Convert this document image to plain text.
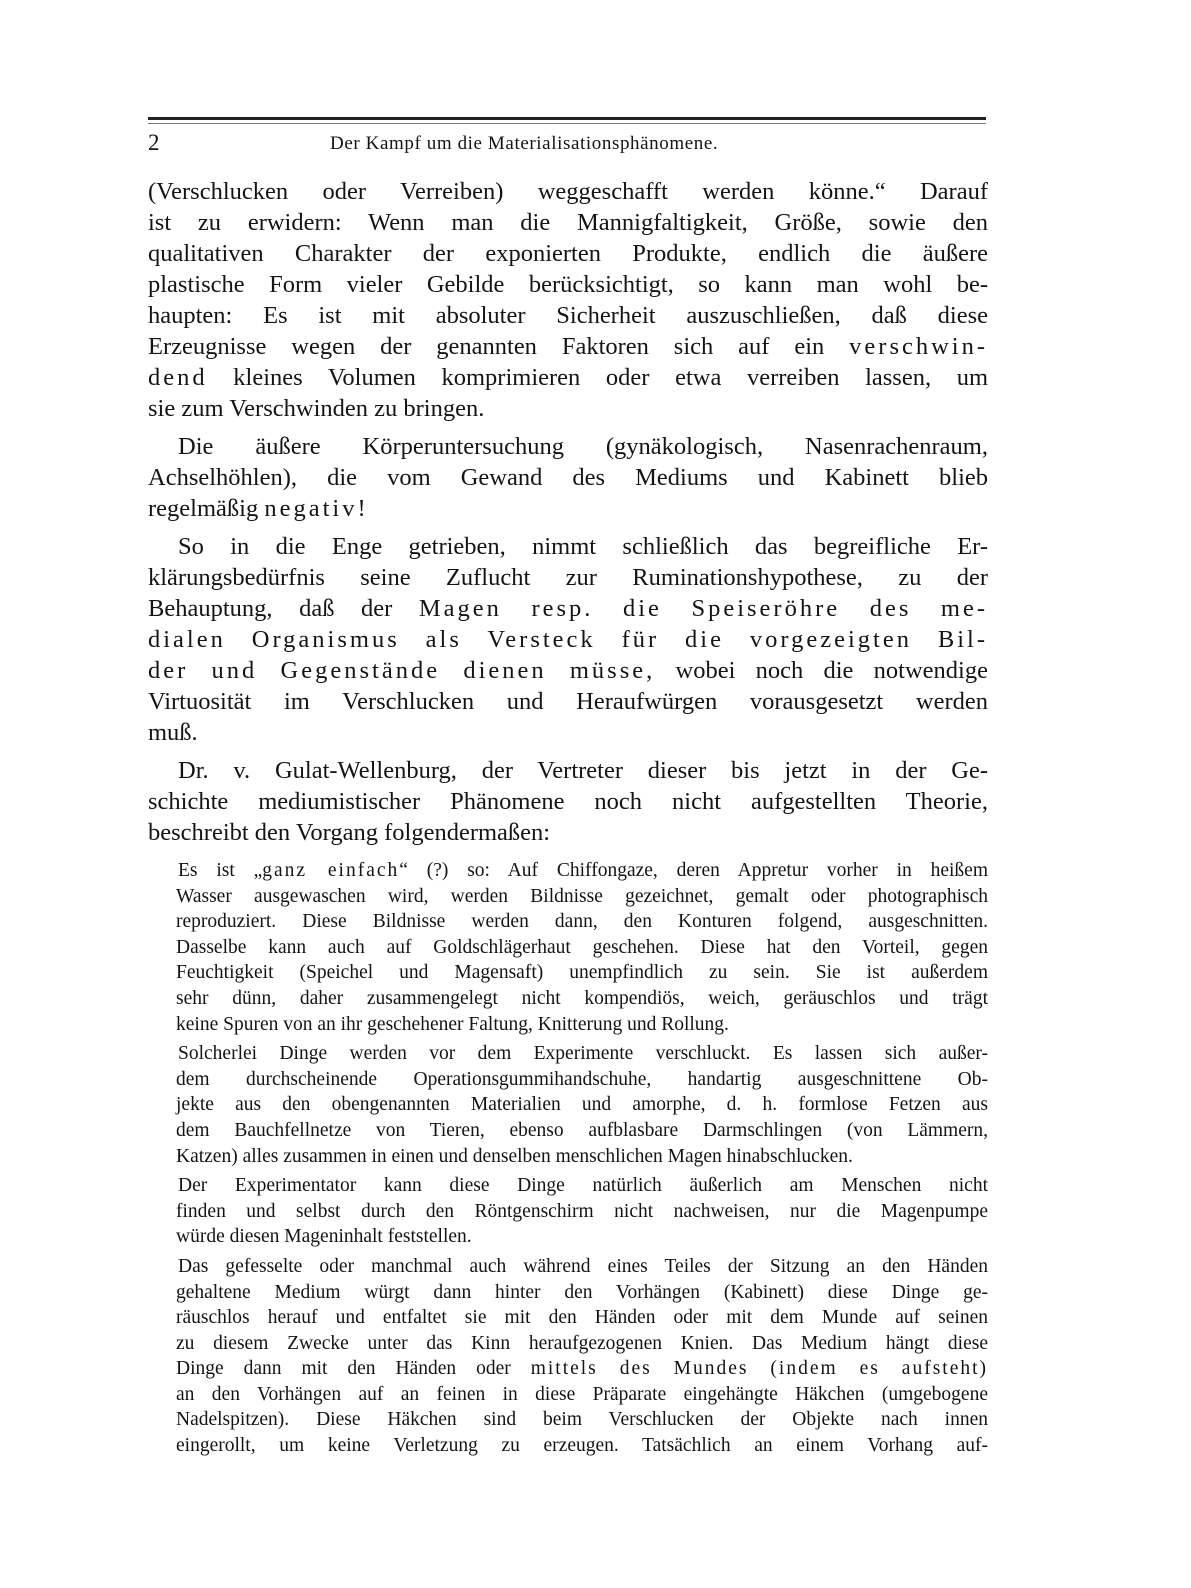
2	Der Kampf um die Materialisationsphänomene.
(Verschlucken oder Verreiben) weggeschafft werden könne.“ Darauf
ist zu erwidern: Wenn man die Mannigfaltigkeit, Größe, sowie den
qualitativen Charakter der exponierten Produkte, endlich die äußere
plastische Form vieler Gebilde berücksichtigt, so kann man wohl be-
haupten: Es ist mit absoluter Sicherheit auszuschließen, daß diese
Erzeugnisse wegen der genannten Faktoren sich auf ein verschwin-
dend kleines Volumen komprimieren oder etwa verreiben lassen, um
sie zum Verschwinden zu bringen.
Die äußere Körperuntersuchung (gynäkologisch, Nasenrachenraum,
Achselhöhlen), die vom Gewand des Mediums und Kabinett blieb
regelmäßig negativ!
So in die Enge getrieben, nimmt schließlich das begreifliche Er-
klärungsbedürfnis seine Zuflucht zur Ruminationshypothese, zu der
Behauptung, daß der Magen resp. die Speiseröhre des me-
dialen Organismus als Versteck für die vorgezeigten Bil-
der und Gegenstände dienen müsse, wobei noch die notwendige
Virtuosität im Verschlucken und Heraufwürgen vorausgesetzt werden
muß.
Dr. v. Gulat-Wellenburg, der Vertreter dieser bis jetzt in der Ge-
schichte mediumistischer Phänomene noch nicht aufgestellten Theorie,
beschreibt den Vorgang folgendermaßen:
Es ist „ganz einfach“ (?) so: Auf Chiffongaze, deren Appretur vorher in heißem
Wasser ausgewaschen wird, werden Bildnisse gezeichnet, gemalt oder photographisch
reproduziert. Diese Bildnisse werden dann, den Konturen folgend, ausgeschnitten.
Dasselbe kann auch auf Goldschlägerhaut geschehen. Diese hat den Vorteil, gegen
Feuchtigkeit (Speichel und Magensaft) unempfindlich zu sein. Sie ist außerdem
sehr dünn, daher zusammengelegt nicht kompendiös, weich, geräuschlos und trägt
keine Spuren von an ihr geschehener Faltung, Knitterung und Rollung.
Solcherlei Dinge werden vor dem Experimente verschluckt. Es lassen sich außer-
dem durchscheinende Operationsgummihandschuhe, handartig ausgeschnittene Ob-
jekte aus den obengenannten Materialien und amorphe, d. h. formlose Fetzen aus
dem Bauchfellnetze von Tieren, ebenso aufblasbare Darmschlingen (von Lämmern,
Katzen) alles zusammen in einen und denselben menschlichen Magen hinabschlucken.
Der Experimentator kann diese Dinge natürlich äußerlich am Menschen nicht
finden und selbst durch den Röntgenschirm nicht nachweisen, nur die Magenpumpe
würde diesen Mageninhalt feststellen.
Das gefesselte oder manchmal auch während eines Teiles der Sitzung an den Händen
gehaltene Medium würgt dann hinter den Vorhängen (Kabinett) diese Dinge ge-
räuschlos herauf und entfaltet sie mit den Händen oder mit dem Munde auf seinen
zu diesem Zwecke unter das Kinn heraufgezogenen Knien. Das Medium hängt diese
Dinge dann mit den Händen oder mittels des Mundes (indem es aufsteht)
an den Vorhängen auf an feinen in diese Präparate eingehängte Häkchen (umgebogene
Nadelspitzen). Diese Häkchen sind beim Verschlucken der Objekte nach innen
eingerollt, um keine Verletzung zu erzeugen. Tatsächlich an einem Vorhang auf-
